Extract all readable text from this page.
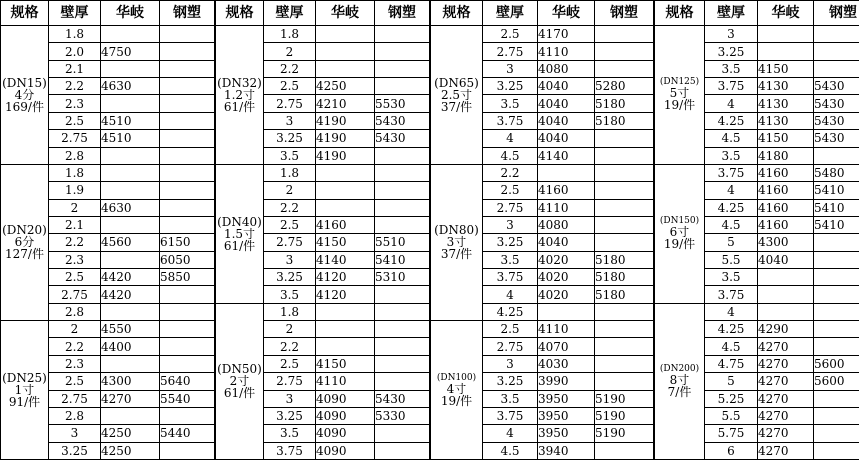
规格	壁厚	华岐	钢塑

(DN15)
4分
169/件	1.8		
	2.0	4750	
	2.1		
	2.2	4630	
	2.3		
	2.5	4510	
	2.75	4510	
	2.8		

(DN20)
6分
127/件	1.8		
	1.9		
	2	4630	
	2.1		
	2.2	4560	6150
	2.3		6050
	2.5	4420	5850
	2.75	4420	
	2.8		

(DN25)
1寸
91/件	2	4550	
	2.2	4400	
	2.3		
	2.5	4300	5640
	2.75	4270	5540
	2.8		
	3	4250	5440
	3.25	4250	
规格	壁厚	华岐	钢塑

(DN32)
1.2寸
61/件	1.8		
	2		
	2.2		
	2.5	4250	
	2.75	4210	5530
	3	4190	5430
	3.25	4190	5430
	3.5	4190	

(DN40)
1.5寸
61/件	1.8		
	2		
	2.2		
	2.5	4160	
	2.75	4150	5510
	3	4140	5410
	3.25	4120	5310
	3.5	4120	

(DN50)
2寸
61/件	1.8		
	2		
	2.2		
	2.5	4150	
	2.75	4110	
	3	4090	5430
	3.25	4090	5330
	3.5	4090	
	3.75	4090	
规格	壁厚	华岐	钢塑

(DN65)
2.5寸
37/件	2.5	4170	
	2.75	4110	
	3	4080	
	3.25	4040	5280
	3.5	4040	5180
	3.75	4040	5180
	4	4040	
	4.5	4140	

(DN80)
3寸
37/件	2.2		
	2.5	4160	
	2.75	4110	
	3	4080	
	3.25	4040	
	3.5	4020	5180
	3.75	4020	5180
	4	4020	5180
	4.25		

(DN100)
4寸
19/件	2.5	4110	
	2.75	4070	
	3	4030	
	3.25	3990	
	3.5	3950	5190
	3.75	3950	5190
	4	3950	5190
	4.5	3940	
规格	壁厚	华岐	钢塑

(DN125)
5寸
19/件	3		
	3.25		
	3.5	4150	
	3.75	4130	5430
	4	4130	5430
	4.25	4130	5430
	4.5	4150	5430
	3.5	4180	

(DN150)
6寸
19/件	3.75	4160	5480
	4	4160	5410
	4.25	4160	5410
	4.5	4160	5410
	5	4300	
	5.5	4040	
	3.5		
	3.75		

(DN200)
8寸
7/件	4		
	4.25	4290	
	4.5	4270	
	4.75	4270	5600
	5	4270	5600
	5.25	4270	
	5.5	4270	
	5.75	4270	
	6	4270	
